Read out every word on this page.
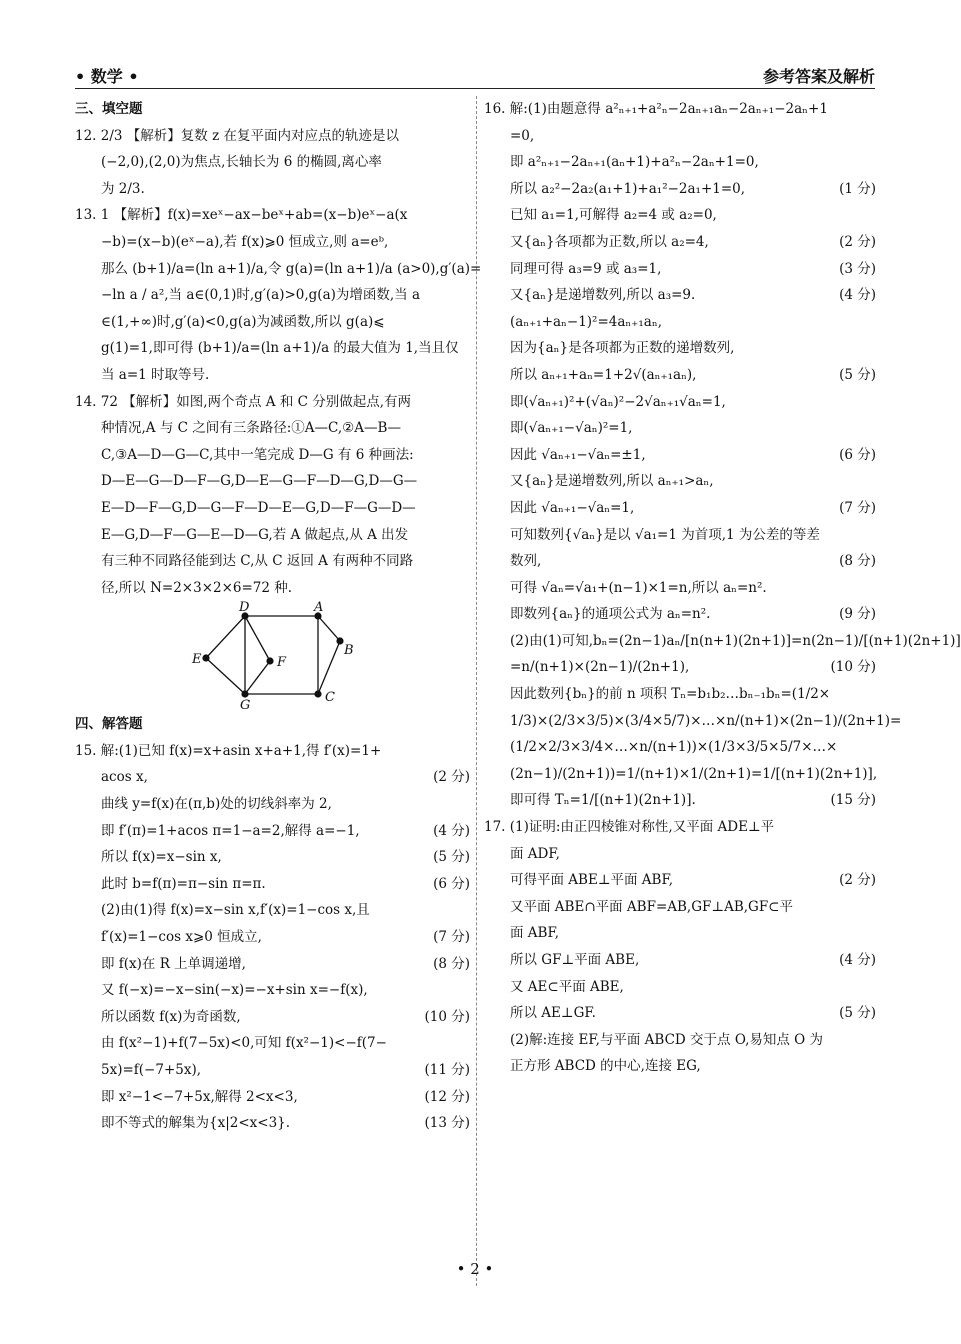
• 数学 •	参考答案及解析
三、填空题
12. 2/3 【解析】复数 z 在复平面内对应点的轨迹是以
(−2,0),(2,0)为焦点,长轴长为 6 的椭圆,离心率
为 2/3.
13. 1 【解析】f(x)=xeˣ−ax−beˣ+ab=(x−b)eˣ−a(x
−b)=(x−b)(eˣ−a),若 f(x)⩾0 恒成立,则 a=eᵇ,
那么 (b+1)/a=(ln a+1)/a,令 g(a)=(ln a+1)/a (a>0),g′(a)=
−ln a / a²,当 a∈(0,1)时,g′(a)>0,g(a)为增函数,当 a
∈(1,+∞)时,g′(a)<0,g(a)为减函数,所以 g(a)⩽
g(1)=1,即可得 (b+1)/a=(ln a+1)/a 的最大值为 1,当且仅
当 a=1 时取等号.
14. 72 【解析】如图,两个奇点 A 和 C 分别做起点,有两
种情况,A 与 C 之间有三条路径:①A—C,②A—B—
C,③A—D—G—C,其中一笔完成 D—G 有 6 种画法:
D—E—G—D—F—G,D—E—G—F—D—G,D—G—
E—D—F—G,D—G—F—D—E—G,D—F—G—D—
E—G,D—F—G—E—D—G,若 A 做起点,从 A 出发
有三种不同路径能到达 C,从 C 返回 A 有两种不同路
径,所以 N=2×3×2×6=72 种.
D	A
B
E	F
G
C
四、解答题
15. 解:(1)已知 f(x)=x+asin x+a+1,得 f′(x)=1+
acos x,	(2 分)
曲线 y=f(x)在(π,b)处的切线斜率为 2,
即 f′(π)=1+acos π=1−a=2,解得 a=−1,	(4 分)
所以 f(x)=x−sin x,	(5 分)
此时 b=f(π)=π−sin π=π.	(6 分)
(2)由(1)得 f(x)=x−sin x,f′(x)=1−cos x,且
f′(x)=1−cos x⩾0 恒成立,	(7 分)
即 f(x)在 R 上单调递增,	(8 分)
又 f(−x)=−x−sin(−x)=−x+sin x=−f(x),
所以函数 f(x)为奇函数,	(10 分)
由 f(x²−1)+f(7−5x)<0,可知 f(x²−1)<−f(7−
5x)=f(−7+5x),	(11 分)
即 x²−1<−7+5x,解得 2<x<3,	(12 分)
即不等式的解集为{x|2<x<3}.	(13 分)
16. 解:(1)由题意得 a²ₙ₊₁+a²ₙ−2aₙ₊₁aₙ−2aₙ₊₁−2aₙ+1
=0,
即 a²ₙ₊₁−2aₙ₊₁(aₙ+1)+a²ₙ−2aₙ+1=0,
所以 a₂²−2a₂(a₁+1)+a₁²−2a₁+1=0,	(1 分)
已知 a₁=1,可解得 a₂=4 或 a₂=0,
又{aₙ}各项都为正数,所以 a₂=4,	(2 分)
同理可得 a₃=9 或 a₃=1,	(3 分)
又{aₙ}是递增数列,所以 a₃=9.	(4 分)
(aₙ₊₁+aₙ−1)²=4aₙ₊₁aₙ,
因为{aₙ}是各项都为正数的递增数列,
所以 aₙ₊₁+aₙ=1+2√(aₙ₊₁aₙ),	(5 分)
即(√aₙ₊₁)²+(√aₙ)²−2√aₙ₊₁√aₙ=1,
即(√aₙ₊₁−√aₙ)²=1,
因此 √aₙ₊₁−√aₙ=±1,	(6 分)
又{aₙ}是递增数列,所以 aₙ₊₁>aₙ,
因此 √aₙ₊₁−√aₙ=1,	(7 分)
可知数列{√aₙ}是以 √a₁=1 为首项,1 为公差的等差
数列,	(8 分)
可得 √aₙ=√a₁+(n−1)×1=n,所以 aₙ=n².
即数列{aₙ}的通项公式为 aₙ=n².	(9 分)
(2)由(1)可知,bₙ=(2n−1)aₙ/[n(n+1)(2n+1)]=n(2n−1)/[(n+1)(2n+1)]
=n/(n+1)×(2n−1)/(2n+1),	(10 分)
因此数列{bₙ}的前 n 项积 Tₙ=b₁b₂…bₙ₋₁bₙ=(1/2×
1/3)×(2/3×3/5)×(3/4×5/7)×…×n/(n+1)×(2n−1)/(2n+1)=
(1/2×2/3×3/4×…×n/(n+1))×(1/3×3/5×5/7×…×
(2n−1)/(2n+1))=1/(n+1)×1/(2n+1)=1/[(n+1)(2n+1)],
即可得 Tₙ=1/[(n+1)(2n+1)].	(15 分)
17. (1)证明:由正四棱锥对称性,又平面 ADE⊥平
面 ADF,
可得平面 ABE⊥平面 ABF,	(2 分)
又平面 ABE∩平面 ABF=AB,GF⊥AB,GF⊂平
面 ABF,
所以 GF⊥平面 ABE,	(4 分)
又 AE⊂平面 ABE,
所以 AE⊥GF.	(5 分)
(2)解:连接 EF,与平面 ABCD 交于点 O,易知点 O 为
正方形 ABCD 的中心,连接 EG,
• 2 •
